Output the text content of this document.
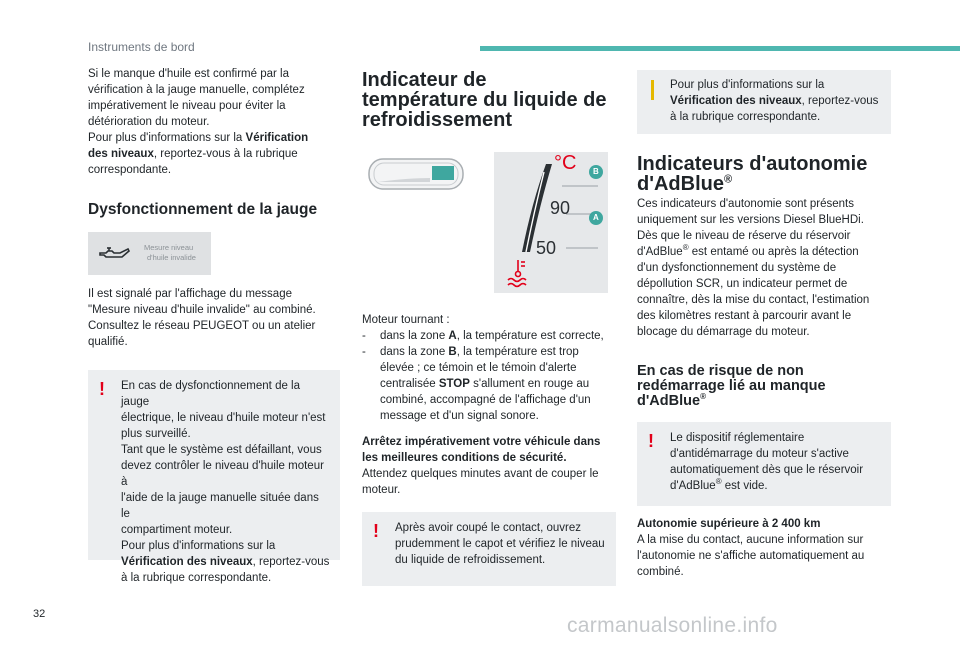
Instruments de bord

Si le manque d'huile est confirmé par la

vérification à la jauge manuelle, complétez

impérativement le niveau pour éviter la

détérioration du moteur.

Pour plus d'informations sur la Vérification

des niveaux, reportez-vous à la rubrique

correspondante.

Dysfonctionnement de la jauge
Mesure niveau
d'huile invalide

Il est signalé par l'affichage du message

"Mesure niveau d'huile invalide" au combiné.

Consultez le réseau PEUGEOT ou un atelier

qualifié.

! En cas de dysfonctionnement de la jauge

électrique, le niveau d'huile moteur n'est

plus surveillé.

Tant que le système est défaillant, vous

devez contrôler le niveau d'huile moteur à

l'aide de la jauge manuelle située dans le

compartiment moteur.

Pour plus d'informations sur la

Vérification des niveaux, reportez-vous

à la rubrique correspondante.

Indicateur de
température du liquide de
refroidissement
°C B
A
90
50

Moteur tournant :

- dans la zone A, la température est correcte,
- dans la zone B, la température est trop
élevée ; ce témoin et le témoin d'alerte
centralisée STOP s'allument en rouge au
combiné, accompagné de l'affichage d'un
message et d'un signal sonore.

Arrêtez impérativement votre véhicule dans

les meilleures conditions de sécurité.

Attendez quelques minutes avant de couper le

moteur.

! Après avoir coupé le contact, ouvrez

prudemment le capot et vérifiez le niveau

du liquide de refroidissement.

Pour plus d'informations sur la

Vérification des niveaux, reportez-vous

à la rubrique correspondante.

Indicateurs d'autonomie
d'AdBlue®

Ces indicateurs d'autonomie sont présents

uniquement sur les versions Diesel BlueHDi.

Dès que le niveau de réserve du réservoir

d'AdBlue® est entamé ou après la détection

d'un dysfonctionnement du système de

dépollution SCR, un indicateur permet de

connaître, dès la mise du contact, l'estimation

des kilomètres restant à parcourir avant le

blocage du démarrage du moteur.

En cas de risque de non
redémarrage lié au manque
d'AdBlue®
! Le dispositif réglementaire

d'antidémarrage du moteur s'active

automatiquement dès que le réservoir

d'AdBlue® est vide.

Autonomie supérieure à 2 400 km

A la mise du contact, aucune information sur

l'autonomie ne s'affiche automatiquement au

combiné.

32	carmanualsonline.info
